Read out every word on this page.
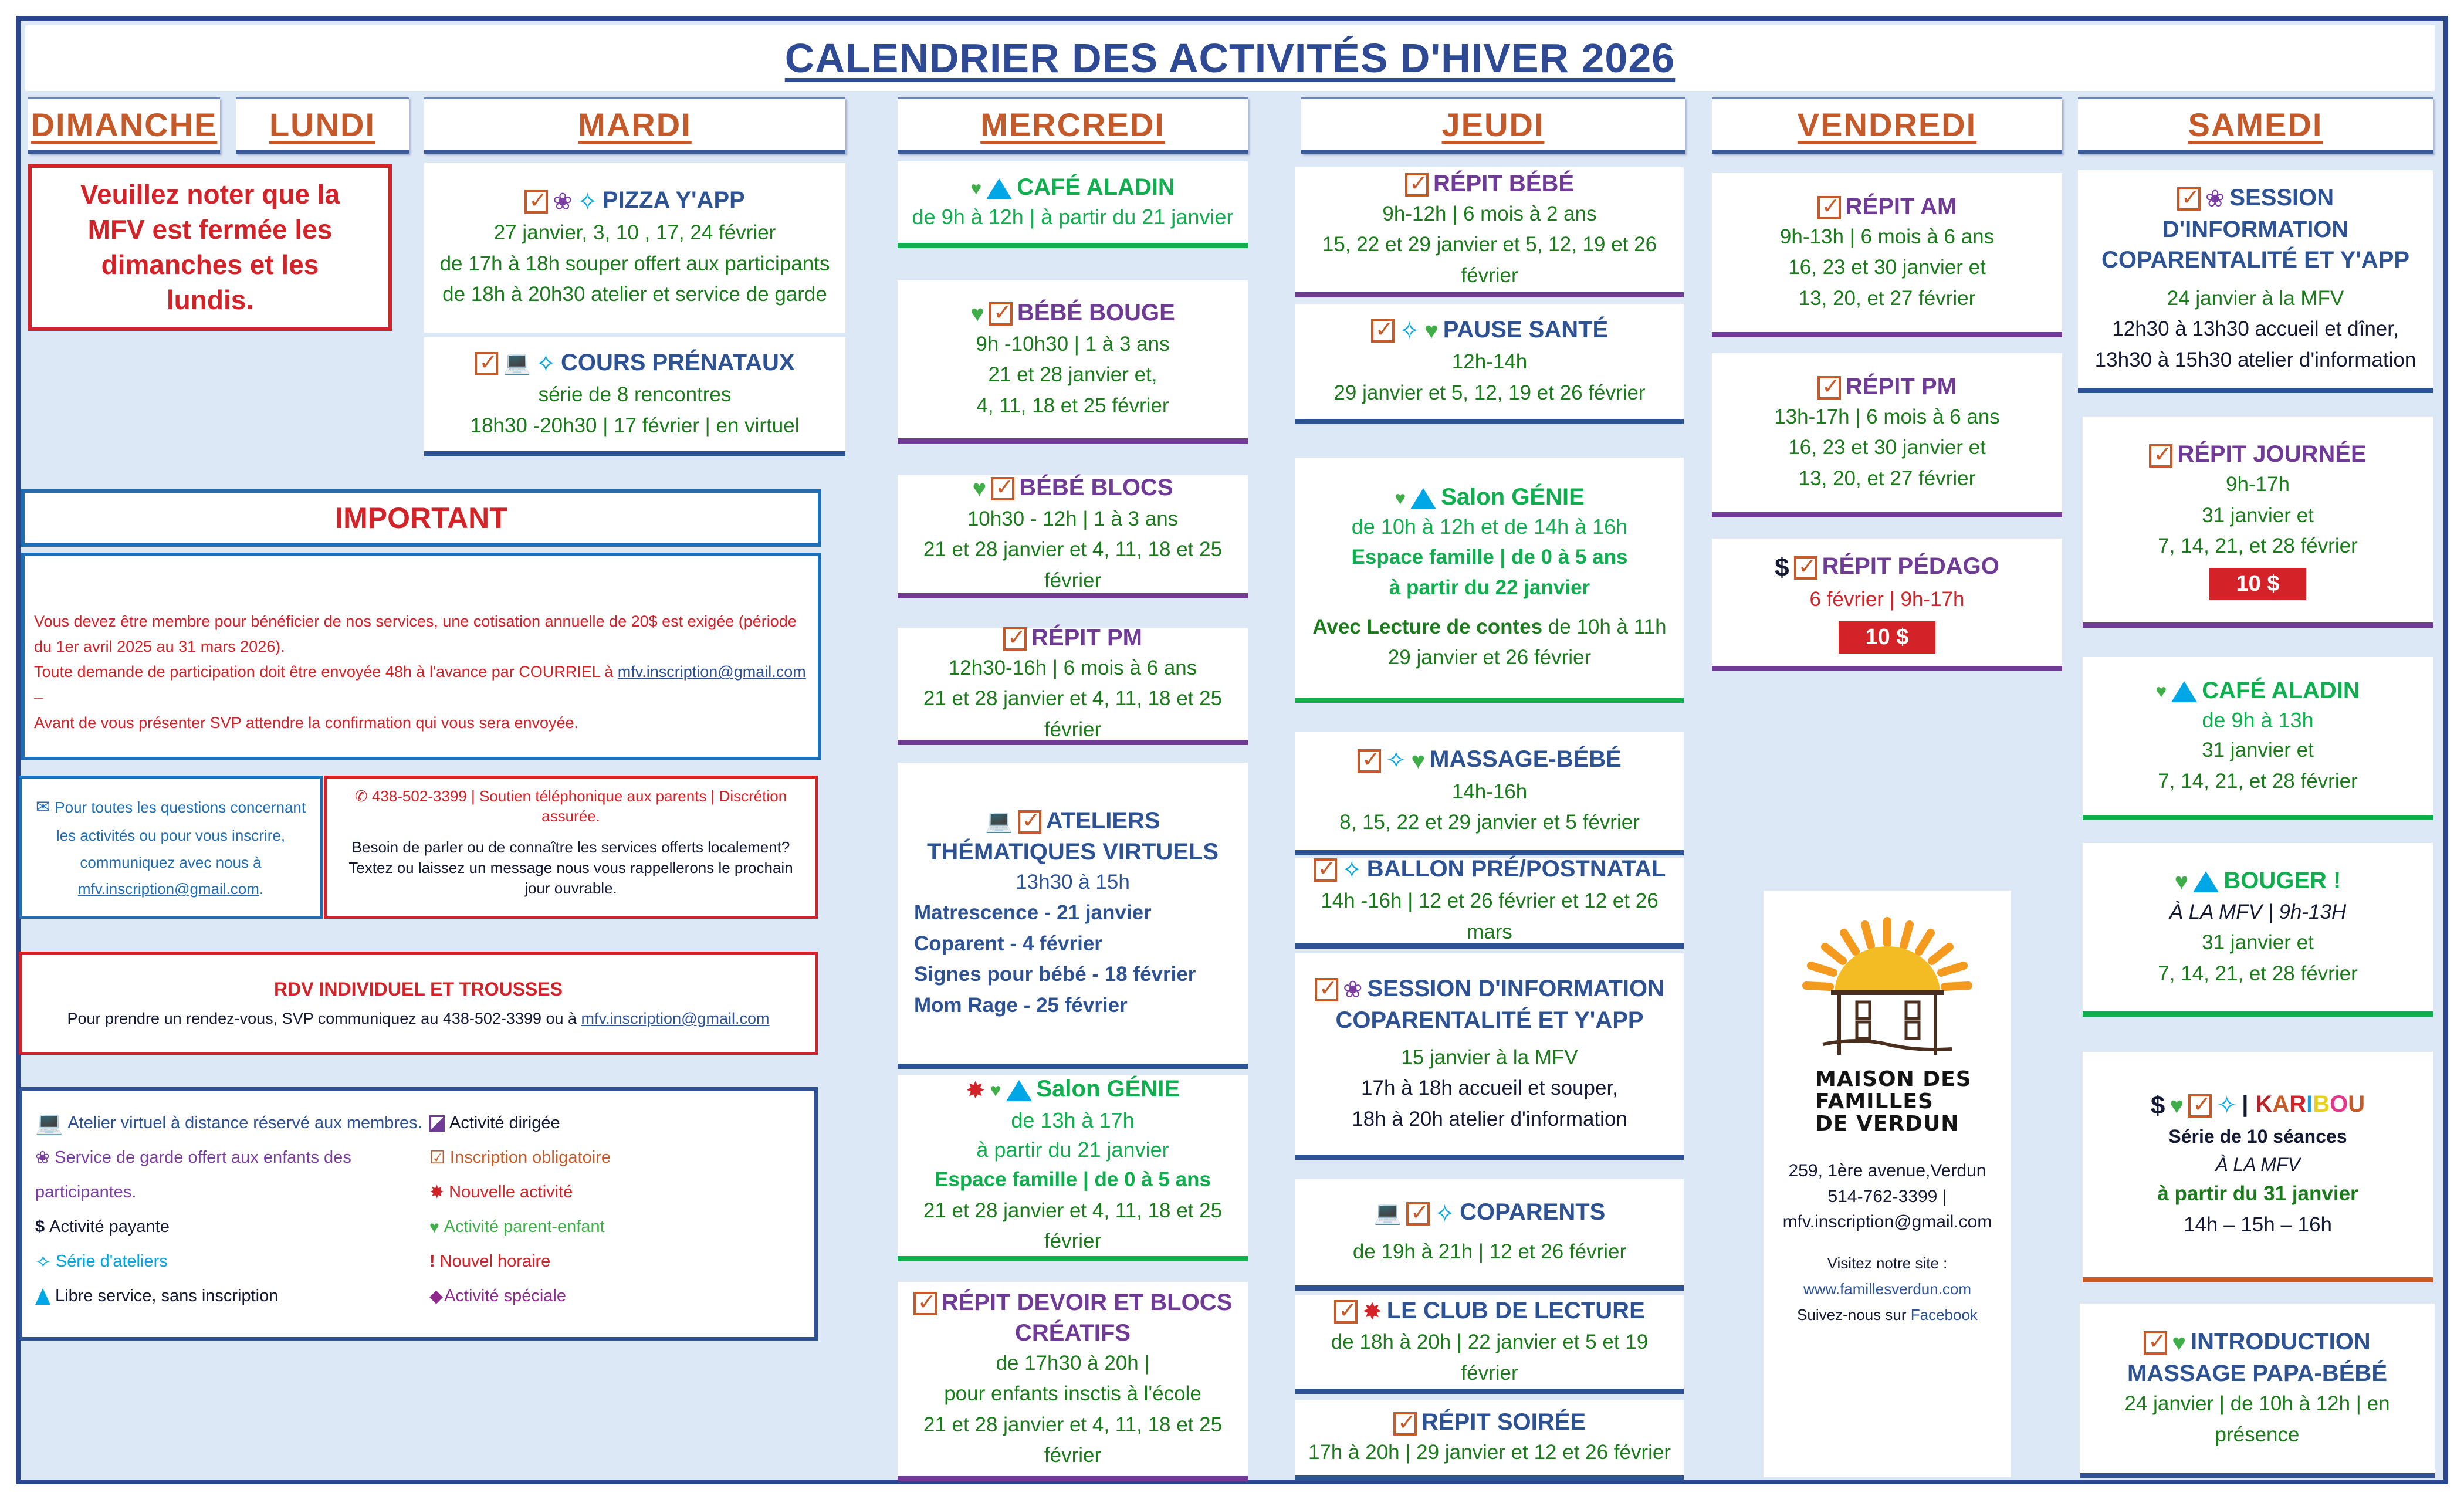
CALENDRIER DES ACTIVITÉS D'HIVER 2026
DIMANCHE LUNDI	MARDI	MERCREDI	JEUDI	VENDREDI	SAMEDI
Veuillez noter que la MFV est fermée les dimanches et les lundis.
✓❀ ✧ PIZZA Y'APP
27 janvier, 3, 10 , 17, 24 février
de 17h à 18h souper offert aux participants
de 18h à 20h30 atelier et service de garde
✓💻 ✧ COURS PRÉNATAUX
série de 8 rencontres
18h30 -20h30 | 17 février | en virtuel
IMPORTANT

Vous devez être membre pour bénéficier de nos services, une cotisation annuelle de 20$ est exigée (période du 1er avril 2025 au 31 mars 2026).

Toute demande de participation doit être envoyée 48h à l'avance par COURRIEL à mfv.inscription@gmail.com –

Avant de vous présenter SVP attendre la confirmation qui vous sera envoyée.

✉ Pour toutes les questions concernant les activités ou pour vous inscrire, communiquez avec nous à mfv.inscription@gmail.com.

✆ 438-502-3399 | Soutien téléphonique aux parents | Discrétion assurée.
Besoin de parler ou de connaître les services offerts localement? Textez ou laissez un message nous vous rappellerons le prochain jour ouvrable.
RDV INDIVIDUEL ET TROUSSES
Pour prendre un rendez-vous, SVP communiquez au 438-502-3399 ou à mfv.inscription@gmail.com
💻 Atelier virtuel à distance réservé aux membres.
❀ Service de garde offert aux enfants des
participantes.
$ Activité payante
✧ Série d'ateliers
Libre service, sans inscription
Activité dirigée
☑ Inscription obligatoire
✸ Nouvelle activité
♥ Activité parent-enfant
! Nouvel horaire
◆ Activité spéciale
♥ CAFÉ ALADIN
de 9h à 12h | à partir du 21 janvier
♥ ✓ BÉBÉ BOUGE
9h -10h30 | 1 à 3 ans
21 et 28 janvier et,
4, 11, 18 et 25 février
♥ ✓ BÉBÉ BLOCS
10h30 - 12h | 1 à 3 ans
21 et 28 janvier et 4, 11, 18 et 25 février
✓RÉPIT PM
12h30-16h | 6 mois à 6 ans
21 et 28 janvier et 4, 11, 18 et 25 février
💻 ✓ ATELIERS THÉMATIQUES VIRTUELS
13h30 à 15h
Matrescence - 21 janvier
Coparent - 4 février
Signes pour bébé - 18 février
Mom Rage - 25 février
✸ ♥ Salon GÉNIE
de 13h à 17h
à partir du 21 janvier
Espace famille | de 0 à 5 ans
21 et 28 janvier et 4, 11, 18 et 25 février
✓RÉPIT DEVOIR ET BLOCS CRÉATIFS
de 17h30 à 20h |
pour enfants insctis à l'école
21 et 28 janvier et 4, 11, 18 et 25 février
✓RÉPIT BÉBÉ
9h-12h | 6 mois à 2 ans
15, 22 et 29 janvier et 5, 12, 19 et 26 février
✓✧ ♥ PAUSE SANTÉ
12h-14h
29 janvier et 5, 12, 19 et 26 février
♥ Salon GÉNIE
de 10h à 12h et de 14h à 16h
Espace famille | de 0 à 5 ans
à partir du 22 janvier
Avec Lecture de contes de 10h à 11h
29 janvier et 26 février
✓✧ ♥ MASSAGE-BÉBÉ
14h-16h
8, 15, 22 et 29 janvier et 5 février
✓✧ BALLON PRÉ/POSTNATAL
14h -16h | 12 et 26 février et 12 et 26 mars
✓❀ SESSION D'INFORMATION COPARENTALITÉ ET Y'APP
15 janvier à la MFV
17h à 18h accueil et souper,
18h à 20h atelier d'information
💻 ✓ ✧ COPARENTS
de 19h à 21h | 12 et 26 février
✓✸ LE CLUB DE LECTURE
de 18h à 20h | 22 janvier et 5 et 19 février
✓RÉPIT SOIRÉE
17h à 20h | 29 janvier et 12 et 26 février
✓RÉPIT AM
9h-13h | 6 mois à 6 ans
16, 23 et 30 janvier et
13, 20, et 27 février
✓RÉPIT PM
13h-17h | 6 mois à 6 ans
16, 23 et 30 janvier et
13, 20, et 27 février
$ ✓ RÉPIT PÉDAGO
6 février | 9h-17h
10 $
MAISON DES
FAMILLES
DE VERDUN
259, 1ère avenue,Verdun
514-762-3399 |
mfv.inscription@gmail.com
Visitez notre site :
www.famillesverdun.com
Suivez-nous sur Facebook
✓❀ SESSION D'INFORMATION COPARENTALITÉ ET Y'APP
24 janvier à la MFV
12h30 à 13h30 accueil et dîner,
13h30 à 15h30 atelier d'information
✓RÉPIT JOURNÉE
9h-17h
31 janvier et
7, 14, 21, et 28 février
10 $
♥ CAFÉ ALADIN
de 9h à 13h
31 janvier et
7, 14, 21, et 28 février
♥ BOUGER !
À LA MFV | 9h-13H
31 janvier et
7, 14, 21, et 28 février
$ ♥ ✓ ✧ | KARIBOU
Série de 10 séances
À LA MFV
à partir du 31 janvier
14h – 15h – 16h
✓♥ INTRODUCTION MASSAGE PAPA-BÉBÉ
24 janvier | de 10h à 12h | en présence
